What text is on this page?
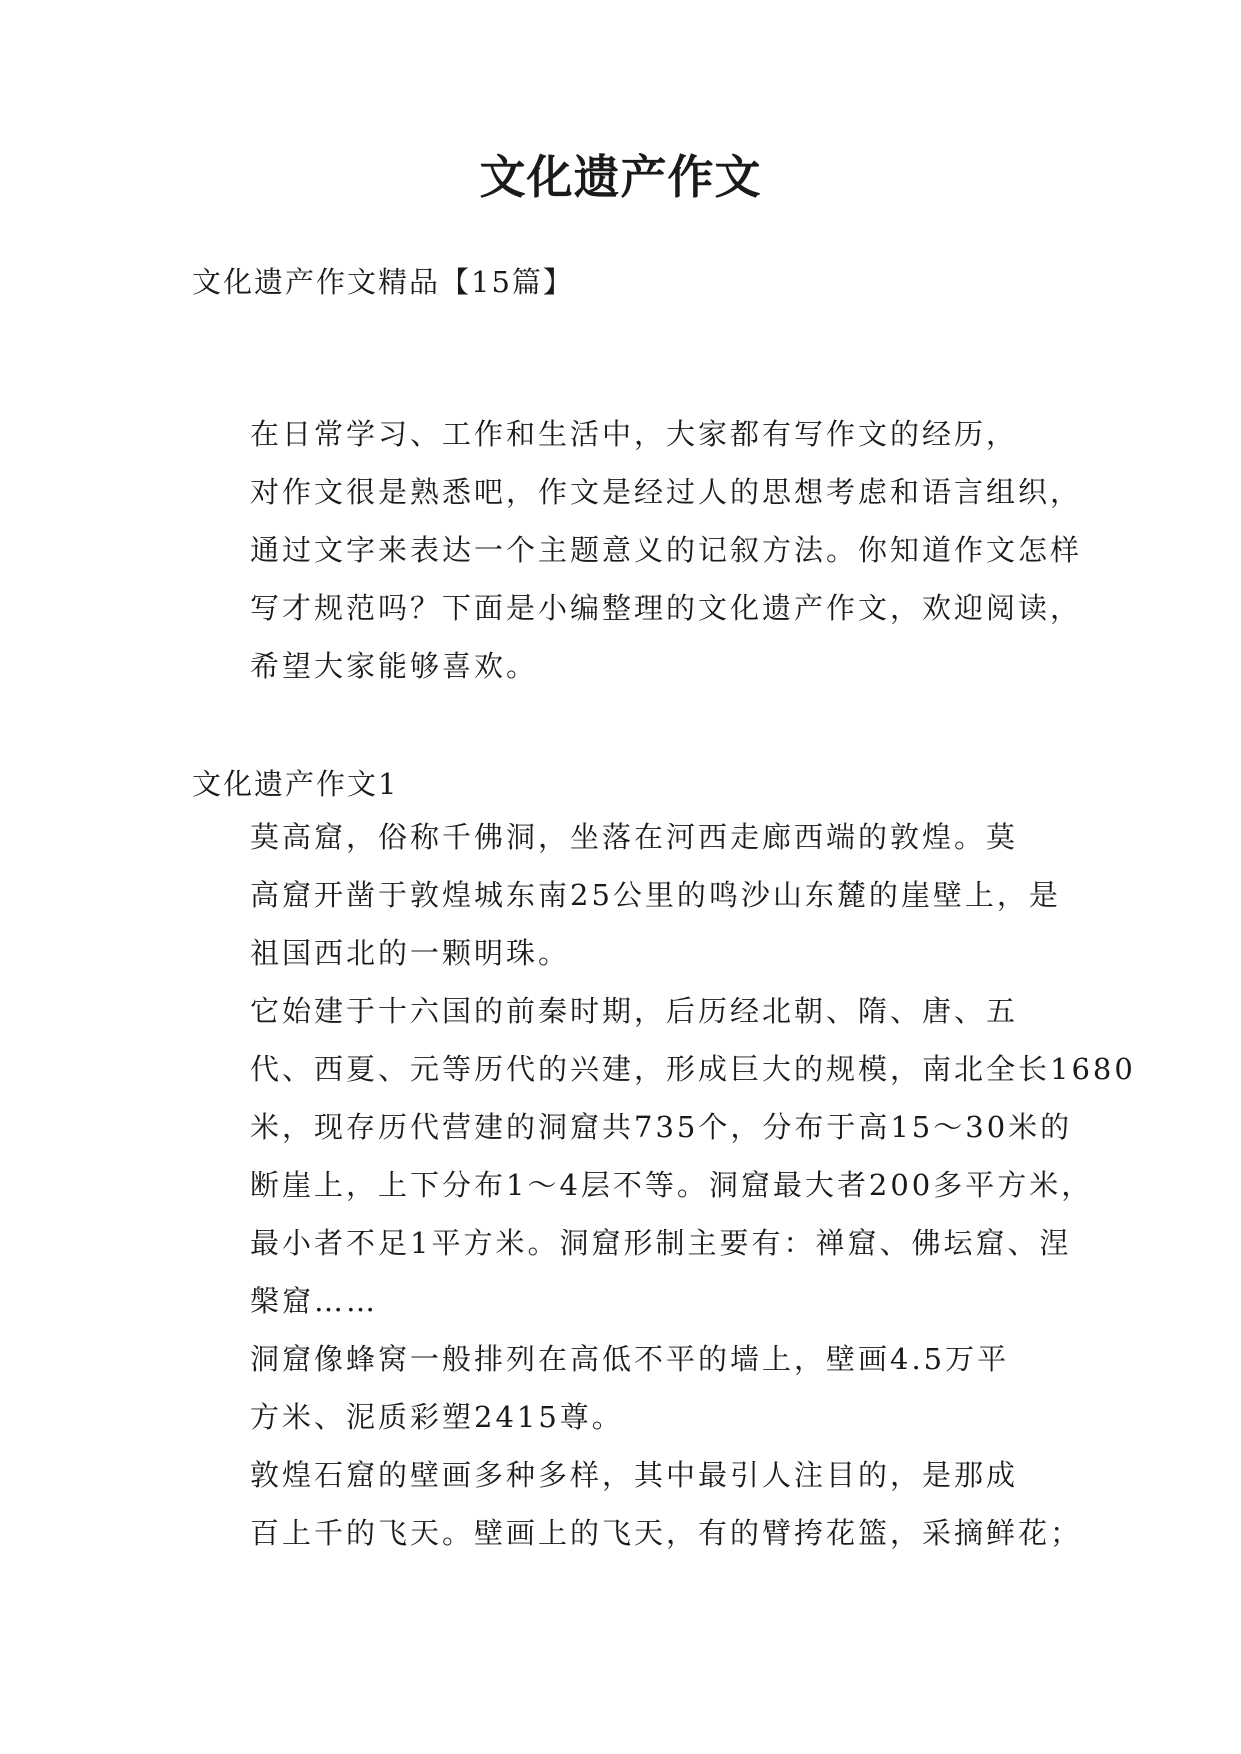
文化遗产作文

文化遗产作文精品【15篇】

在日常学习、工作和生活中，大家都有写作文的经历，
对作文很是熟悉吧，作文是经过人的思想考虑和语言组织，
通过文字来表达一个主题意义的记叙方法。你知道作文怎样
写才规范吗？下面是小编整理的文化遗产作文，欢迎阅读，
希望大家能够喜欢。

文化遗产作文1

莫高窟，俗称千佛洞，坐落在河西走廊西端的敦煌。莫
高窟开凿于敦煌城东南25公里的鸣沙山东麓的崖壁上，是
祖国西北的一颗明珠。

它始建于十六国的前秦时期，后历经北朝、隋、唐、五
代、西夏、元等历代的兴建，形成巨大的规模，南北全长1680
米，现存历代营建的洞窟共735个，分布于高15～30米的
断崖上，上下分布1～4层不等。洞窟最大者200多平方米，
最小者不足1平方米。洞窟形制主要有：禅窟、佛坛窟、涅
槃窟……

洞窟像蜂窝一般排列在高低不平的墙上，壁画4.5万平
方米、泥质彩塑2415尊。

敦煌石窟的壁画多种多样，其中最引人注目的，是那成
百上千的飞天。壁画上的飞天，有的臂挎花篮，采摘鲜花；
